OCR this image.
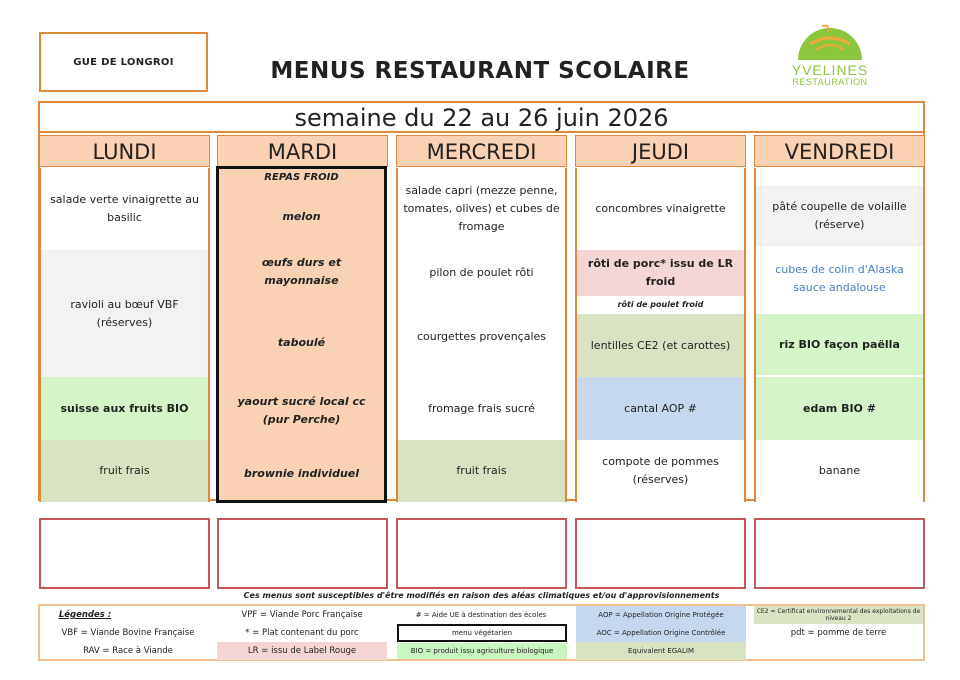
GUE DE LONGROI	MENUS RESTAURANT SCOLAIRE	YVELINES
RESTAURATION
semaine du 22 au 26 juin 2026
LUNDI
salade verte vinaigrette au basilic
ravioli au bœuf VBF (réserves)
suisse aux fruits BIO
fruit frais
MARDI
REPAS FROID
melon
œufs durs et mayonnaise
taboulé
yaourt sucré local cc (pur Perche)
brownie individuel
MERCREDI
salade capri (mezze penne, tomates, olives) et cubes de fromage
pilon de poulet rôti
courgettes provençales
fromage frais sucré
fruit frais
JEUDI
concombres vinaigrette
rôti de porc* issu de LR froid
rôti de poulet froid
lentilles CE2 (et carottes)
cantal AOP #
compote de pommes (réserves)
VENDREDI
pâté coupelle de volaille (réserve)
cubes de colin d'Alaska sauce andalouse
riz BIO façon paëlla
edam BIO #
banane
Ces menus sont susceptibles d'être modifiés en raison des aléas climatiques et/ou d'approvisionnements
Légendes :
VBF = Viande Bovine Française
RAV = Race à Viande
VPF = Viande Porc Française
* = Plat contenant du porc
LR = issu de Label Rouge
# = Aide UE à destination des écoles
menu végétarien
BIO = produit issu agriculture biologique
AOP = Appellation Origine Protégée
AOC = Appellation Origine Contrôlée
Equivalent EGALIM
CE2 = Certificat environnemental des exploitations de niveau 2
pdt = pomme de terre
